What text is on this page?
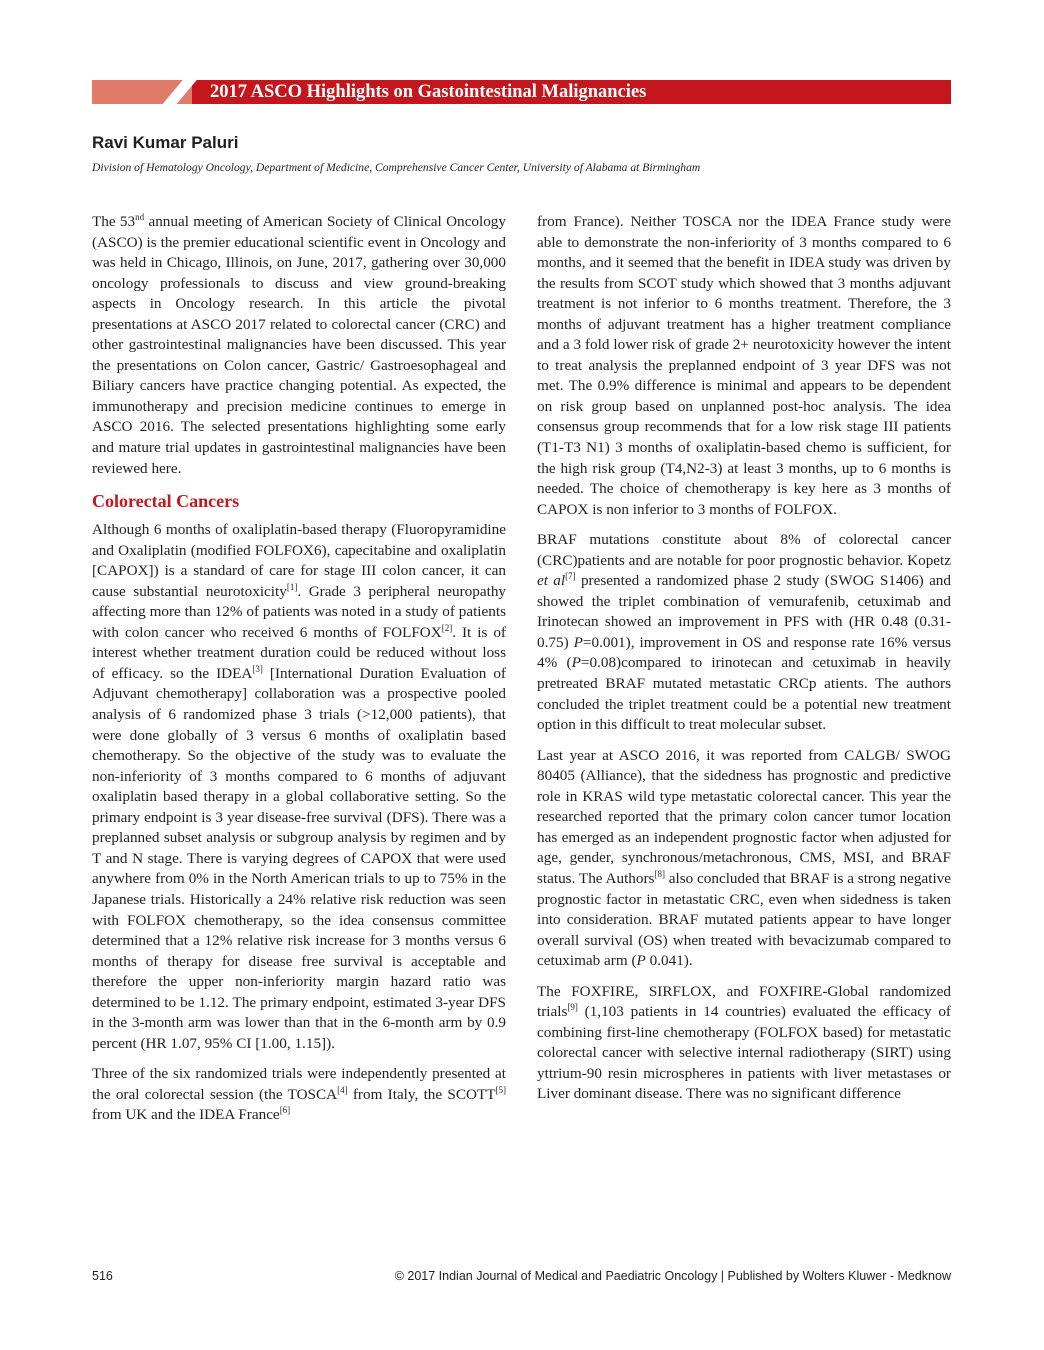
2017 ASCO Highlights on Gastointestinal Malignancies
Ravi Kumar Paluri
Division of Hematology Oncology, Department of Medicine, Comprehensive Cancer Center, University of Alabama at Birmingham

The 53nd annual meeting of American Society of Clinical Oncology (ASCO) is the premier educational scientific event in Oncology and was held in Chicago, Illinois, on June, 2017, gathering over 30,000 oncology professionals to discuss and view ground-breaking aspects in Oncology research. In this article the pivotal presentations at ASCO 2017 related to colorectal cancer (CRC) and other gastrointestinal malignancies have been discussed. This year the presentations on Colon cancer, Gastric/ Gastroesophageal and Biliary cancers have practice changing potential. As expected, the immunotherapy and precision medicine continues to emerge in ASCO 2016. The selected presentations highlighting some early and mature trial updates in gastrointestinal malignancies have been reviewed here.

Colorectal Cancers

Although 6 months of oxaliplatin-based therapy (Fluoropyramidine and Oxaliplatin (modified FOLFOX6), capecitabine and oxaliplatin [CAPOX]) is a standard of care for stage III colon cancer, it can cause substantial neurotoxicity[1]. Grade 3 peripheral neuropathy affecting more than 12% of patients was noted in a study of patients with colon cancer who received 6 months of FOLFOX[2]. It is of interest whether treatment duration could be reduced without loss of efficacy. so the IDEA[3] [International Duration Evaluation of Adjuvant chemotherapy] collaboration was a prospective pooled analysis of 6 randomized phase 3 trials (>12,000 patients), that were done globally of 3 versus 6 months of oxaliplatin based chemotherapy. So the objective of the study was to evaluate the non-inferiority of 3 months compared to 6 months of adjuvant oxaliplatin based therapy in a global collaborative setting. So the primary endpoint is 3 year disease-free survival (DFS). There was a preplanned subset analysis or subgroup analysis by regimen and by T and N stage. There is varying degrees of CAPOX that were used anywhere from 0% in the North American trials to up to 75% in the Japanese trials. Historically a 24% relative risk reduction was seen with FOLFOX chemotherapy, so the idea consensus committee determined that a 12% relative risk increase for 3 months versus 6 months of therapy for disease free survival is acceptable and therefore the upper non-inferiority margin hazard ratio was determined to be 1.12. The primary endpoint, estimated 3-year DFS in the 3-month arm was lower than that in the 6-month arm by 0.9 percent (HR 1.07, 95% CI [1.00, 1.15]).

Three of the six randomized trials were independently presented at the oral colorectal session (the TOSCA[4] from Italy, the SCOTT[5] from UK and the IDEA France[6]

from France). Neither TOSCA nor the IDEA France study were able to demonstrate the non-inferiority of 3 months compared to 6 months, and it seemed that the benefit in IDEA study was driven by the results from SCOT study which showed that 3 months adjuvant treatment is not inferior to 6 months treatment. Therefore, the 3 months of adjuvant treatment has a higher treatment compliance and a 3 fold lower risk of grade 2+ neurotoxicity however the intent to treat analysis the preplanned endpoint of 3 year DFS was not met. The 0.9% difference is minimal and appears to be dependent on risk group based on unplanned post-hoc analysis. The idea consensus group recommends that for a low risk stage III patients (T1-T3 N1) 3 months of oxaliplatin-based chemo is sufficient, for the high risk group (T4,N2-3) at least 3 months, up to 6 months is needed. The choice of chemotherapy is key here as 3 months of CAPOX is non inferior to 3 months of FOLFOX.

BRAF mutations constitute about 8% of colorectal cancer (CRC)patients and are notable for poor prognostic behavior. Kopetz et al[7] presented a randomized phase 2 study (SWOG S1406) and showed the triplet combination of vemurafenib, cetuximab and Irinotecan showed an improvement in PFS with (HR 0.48 (0.31-0.75) P=0.001), improvement in OS and response rate 16% versus 4% (P=0.08)compared to irinotecan and cetuximab in heavily pretreated BRAF mutated metastatic CRCp atients. The authors concluded the triplet treatment could be a potential new treatment option in this difficult to treat molecular subset.

Last year at ASCO 2016, it was reported from CALGB/ SWOG 80405 (Alliance), that the sidedness has prognostic and predictive role in KRAS wild type metastatic colorectal cancer. This year the researched reported that the primary colon cancer tumor location has emerged as an independent prognostic factor when adjusted for age, gender, synchronous/metachronous, CMS, MSI, and BRAF status. The Authors[8] also concluded that BRAF is a strong negative prognostic factor in metastatic CRC, even when sidedness is taken into consideration. BRAF mutated patients appear to have longer overall survival (OS) when treated with bevacizumab compared to cetuximab arm (P 0.041).

The FOXFIRE, SIRFLOX, and FOXFIRE-Global randomized trials[9] (1,103 patients in 14 countries) evaluated the efficacy of combining first-line chemotherapy (FOLFOX based) for metastatic colorectal cancer with selective internal radiotherapy (SIRT) using yttrium-90 resin microspheres in patients with liver metastases or Liver dominant disease. There was no significant difference

516	© 2017 Indian Journal of Medical and Paediatric Oncology | Published by Wolters Kluwer - Medknow
